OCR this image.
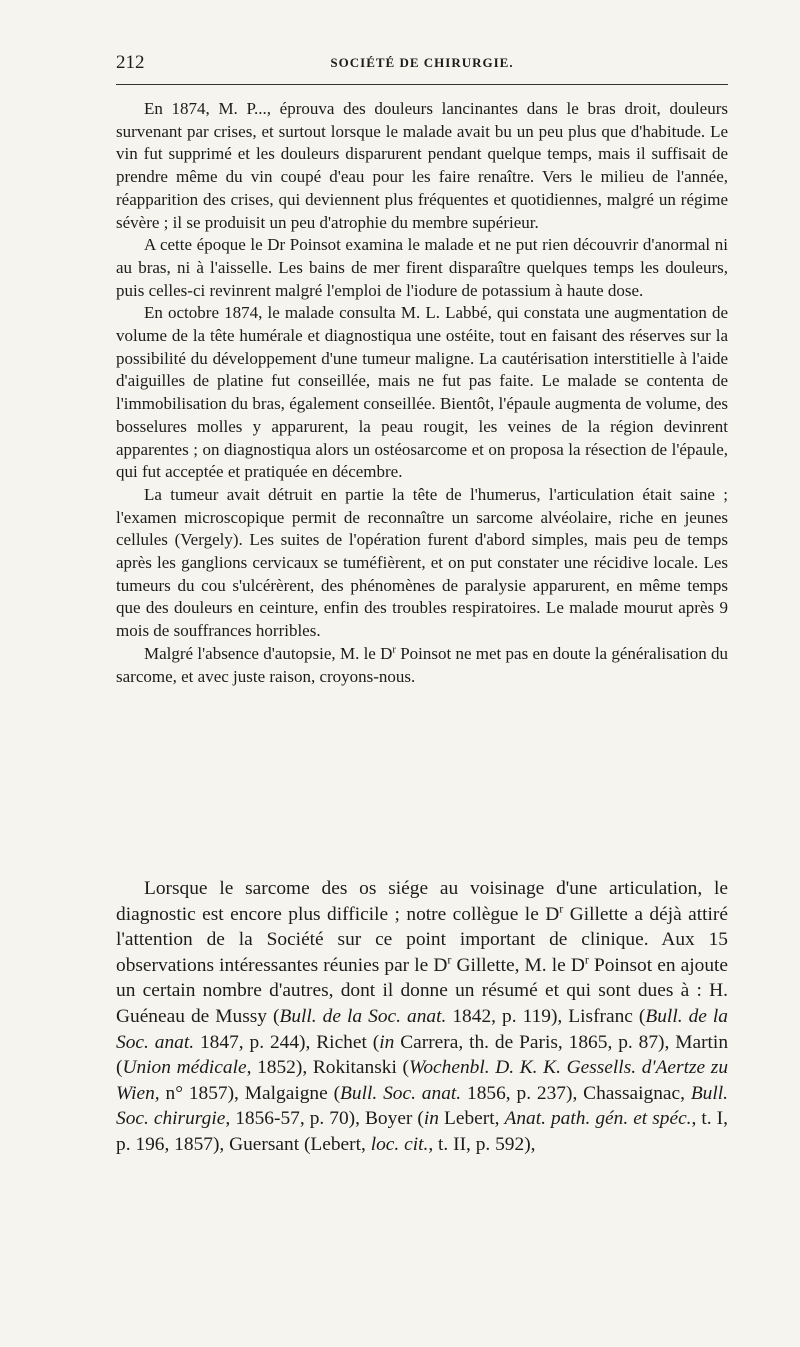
212	SOCIÉTÉ DE CHIRURGIE.

En 1874, M. P..., éprouva des douleurs lancinantes dans le bras droit, douleurs survenant par crises, et surtout lorsque le malade avait bu un peu plus que d'habitude. Le vin fut supprimé et les douleurs disparurent pendant quelque temps, mais il suffisait de prendre même du vin coupé d'eau pour les faire renaître. Vers le milieu de l'année, réapparition des crises, qui deviennent plus fréquentes et quotidiennes, malgré un régime sévère ; il se produisit un peu d'atrophie du membre supérieur.

A cette époque le Dr Poinsot examina le malade et ne put rien découvrir d'anormal ni au bras, ni à l'aisselle. Les bains de mer firent disparaître quelques temps les douleurs, puis celles-ci revinrent malgré l'emploi de l'iodure de potassium à haute dose.

En octobre 1874, le malade consulta M. L. Labbé, qui constata une augmentation de volume de la tête humérale et diagnostiqua une ostéite, tout en faisant des réserves sur la possibilité du développement d'une tumeur maligne. La cautérisation interstitielle à l'aide d'aiguilles de platine fut conseillée, mais ne fut pas faite. Le malade se contenta de l'immobilisation du bras, également conseillée. Bientôt, l'épaule augmenta de volume, des bosselures molles y apparurent, la peau rougit, les veines de la région devinrent apparentes ; on diagnostiqua alors un ostéosarcome et on proposa la résection de l'épaule, qui fut acceptée et pratiquée en décembre.

La tumeur avait détruit en partie la tête de l'humerus, l'articulation était saine ; l'examen microscopique permit de reconnaître un sarcome alvéolaire, riche en jeunes cellules (Vergely). Les suites de l'opération furent d'abord simples, mais peu de temps après les ganglions cervicaux se tuméfièrent, et on put constater une récidive locale. Les tumeurs du cou s'ulcérèrent, des phénomènes de paralysie apparurent, en même temps que des douleurs en ceinture, enfin des troubles respiratoires. Le malade mourut après 9 mois de souffrances horribles.

Malgré l'absence d'autopsie, M. le $D^r$ Poinsot ne met pas en doute la généralisation du sarcome, et avec juste raison, croyons-nous.

Lorsque le sarcome des os siége au voisinage d'une articulation, le diagnostic est encore plus difficile ; notre collègue le $D^r$ Gillette a déjà attiré l'attention de la Société sur ce point important de clinique. Aux 15 observations intéressantes réunies par le $D^r$ Gillette, M. le $D^r$ Poinsot en ajoute un certain nombre d'autres, dont il donne un résumé et qui sont dues à : H. Guéneau de Mussy (Bull. de la Soc. anat. 1842, p. 119), Lisfranc (Bull. de la Soc. anat. 1847, p. 244), Richet (in Carrera, th. de Paris, 1865, p. 87), Martin (Union médicale, 1852), Rokitanski (Wochenbl. D. K. K. Gessells. d'Aertze zu Wien, n° 1857), Malgaigne (Bull. Soc. anat. 1856, p. 237), Chassaignac, Bull. Soc. chirurgie, 1856-57, p. 70), Boyer (in Lebert, Anat. path. gén. et spéc., t. I, p. 196, 1857), Guersant (Lebert, loc. cit., t. II, p. 592),
